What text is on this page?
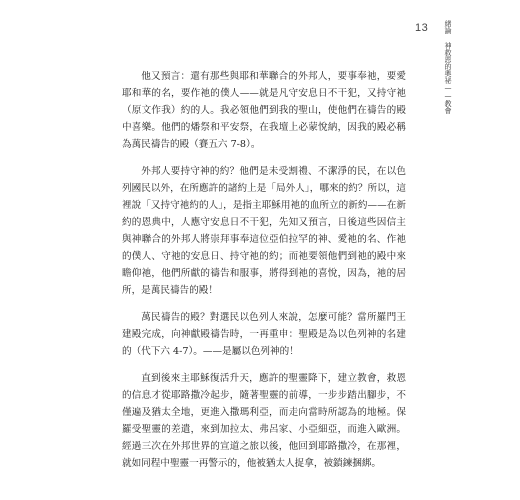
13	緒論 神救恩的奧祕——教會

他又預言：還有那些與耶和華聯合的外邦人，要事奉祂，要愛耶和華的名，要作祂的僕人——就是凡守安息日不干犯，又持守祂（原文作我）約的人。我必領他們到我的聖山，使他們在禱告的殿中喜樂。他們的燔祭和平安祭，在我壇上必蒙悅納，因我的殿必稱為萬民禱告的殿（賽五六 7-8）。

外邦人要持守神的約？他們是未受割禮、不潔淨的民，在以色列國民以外，在所應許的諸約上是「局外人」，哪來的約？所以，這裡說「又持守祂約的人」，是指主耶穌用祂的血所立的新約——在新約的恩典中，人應守安息日不干犯，先知又預言，日後這些因信主與神聯合的外邦人將崇拜事奉這位亞伯拉罕的神、愛祂的名、作祂的僕人、守祂的安息日、持守祂的約；而祂要領他們到祂的殿中來瞻仰祂，他們所獻的禱告和服事，將得到祂的喜悅，因為，祂的居所，是萬民禱告的殿！

萬民禱告的殿？對選民以色列人來說，怎麼可能？當所羅門王建殿完成，向神獻殿禱告時，一再重申：聖殿是為以色列神的名建的（代下六 4-7）。——是屬以色列神的！

直到後來主耶穌復活升天，應許的聖靈降下，建立教會，救恩的信息才從耶路撒冷起步，隨著聖靈的前導，一步步踏出腳步，不僅遍及猶太全地，更進入撒瑪利亞，而走向當時所認為的地極。保羅受聖靈的差遣，來到加拉太、弗呂家、小亞細亞，而進入歐洲。經過三次在外邦世界的宣道之旅以後，他回到耶路撒冷，在那裡，就如同程中聖靈一再警示的，他被猶太人捉拿，被鎖鍊捆綁。
